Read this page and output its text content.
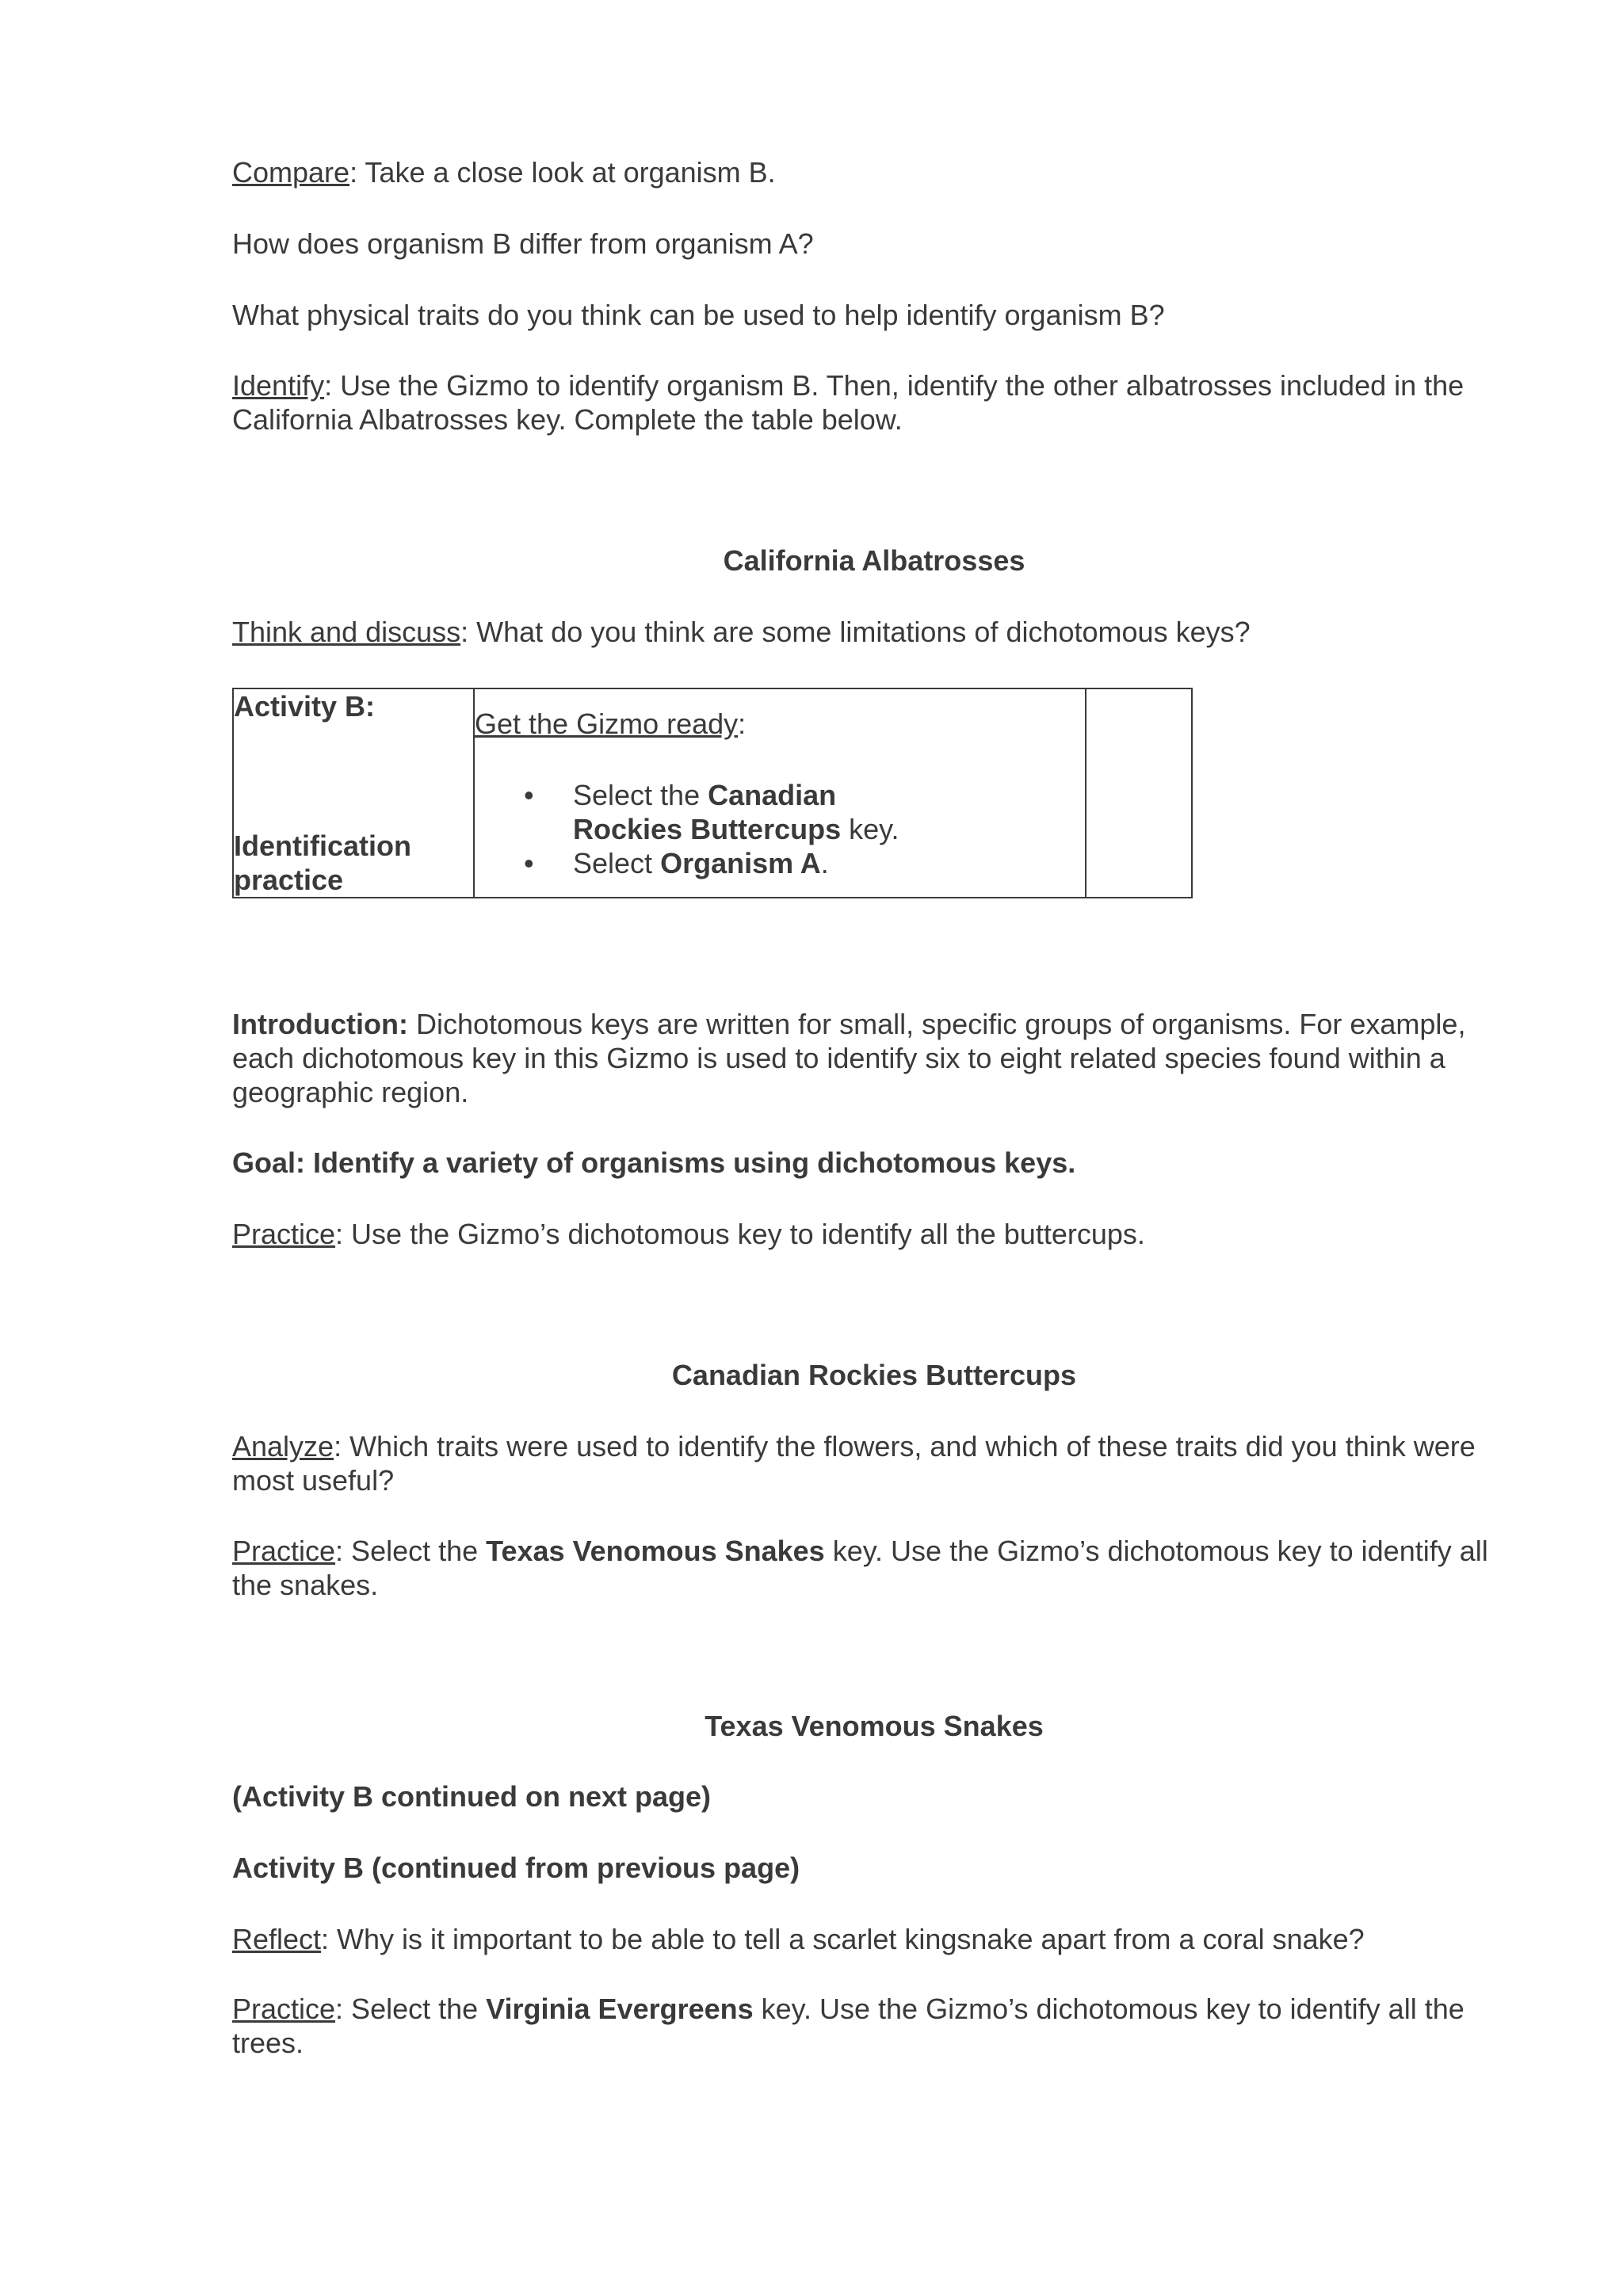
Compare: Take a close look at organism B.

How does organism B differ from organism A?

What physical traits do you think can be used to help identify organism B?

Identify: Use the Gizmo to identify organism B. Then, identify the other albatrosses included in the California Albatrosses key. Complete the table below.

California Albatrosses

Think and discuss: What do you think are some limitations of dichotomous keys?

Activity B:
Identification practice
Get the Gizmo ready:
• Select the Canadian Rockies Buttercups key.
• Select Organism A.

Introduction: Dichotomous keys are written for small, specific groups of organisms. For example, each dichotomous key in this Gizmo is used to identify six to eight related species found within a geographic region.

Goal: Identify a variety of organisms using dichotomous keys.

Practice: Use the Gizmo’s dichotomous key to identify all the buttercups.

Canadian Rockies Buttercups

Analyze: Which traits were used to identify the flowers, and which of these traits did you think were most useful?

Practice: Select the Texas Venomous Snakes key. Use the Gizmo’s dichotomous key to identify all the snakes.

Texas Venomous Snakes

(Activity B continued on next page)

Activity B (continued from previous page)

Reflect: Why is it important to be able to tell a scarlet kingsnake apart from a coral snake?

Practice: Select the Virginia Evergreens key. Use the Gizmo’s dichotomous key to identify all the trees.
